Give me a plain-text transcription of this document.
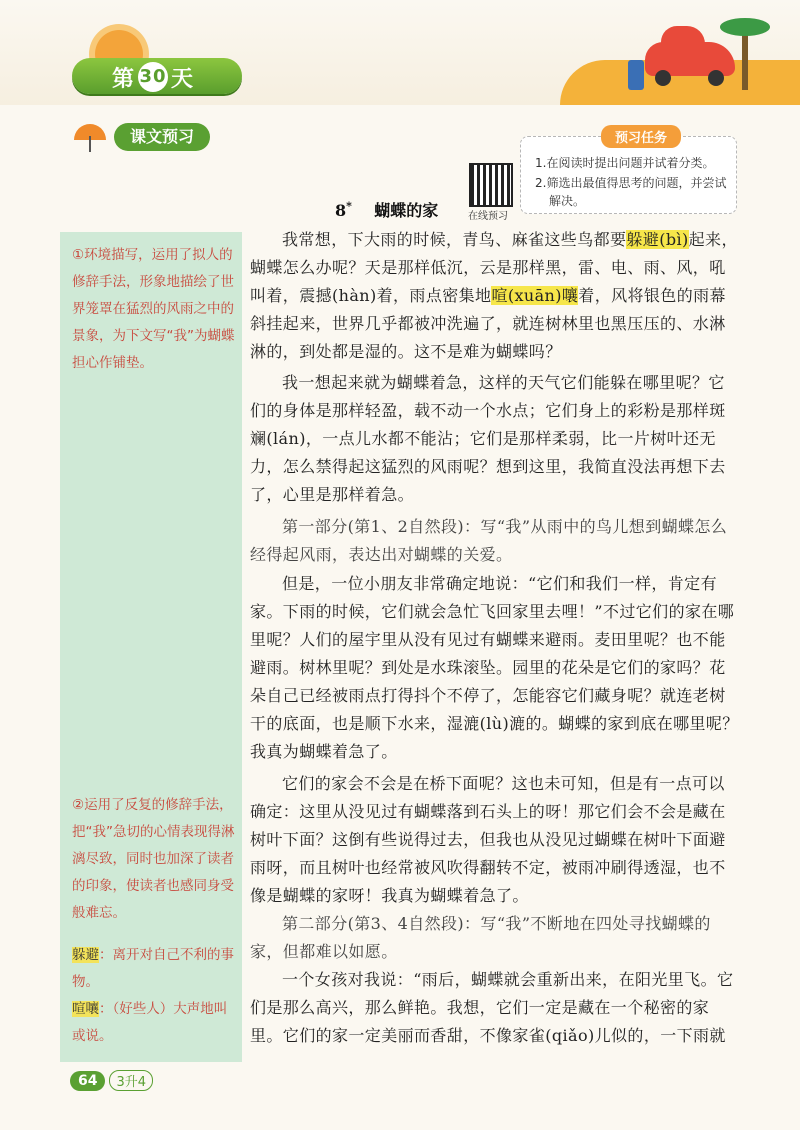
第 30 天
课文预习	预习任务
1.在阅读时提出问题并试着分类。
2.筛选出最值得思考的问题，并尝试
解决。
在线预习
8* 蝴蝶的家
①环境描写，运用了拟人的修辞手法，形象地描绘了世界笼罩在猛烈的风雨之中的景象，为下文写“我”为蝴蝶担心作铺垫。
②运用了反复的修辞手法，把“我”急切的心情表现得淋漓尽致，同时也加深了读者的印象，使读者也感同身受般难忘。
躲避：离开对自己不利的事物。
喧嚷：（好些人）大声地叫或说。

我常想，下大雨的时候，青鸟、麻雀这些鸟都要躲避(bì)起来，蝴蝶怎么办呢？天是那样低沉，云是那样黑，雷、电、雨、风，吼叫着，震撼(hàn)着，雨点密集地喧(xuān)嚷着，风将银色的雨幕斜挂起来，世界几乎都被冲洗遍了，就连树林里也黑压压的、水淋淋的，到处都是湿的。这不是难为蝴蝶吗？

我一想起来就为蝴蝶着急，这样的天气它们能躲在哪里呢？它们的身体是那样轻盈，载不动一个水点；它们身上的彩粉是那样斑斓(lán)，一点儿水都不能沾；它们是那样柔弱，比一片树叶还无力，怎么禁得起这猛烈的风雨呢？想到这里，我简直没法再想下去了，心里是那样着急。

第一部分(第1、2自然段)：写“我”从雨中的鸟儿想到蝴蝶怎么经得起风雨，表达出对蝴蝶的关爱。

但是，一位小朋友非常确定地说：“它们和我们一样，肯定有家。下雨的时候，它们就会急忙飞回家里去哩！”不过它们的家在哪里呢？人们的屋宇里从没有见过有蝴蝶来避雨。麦田里呢？也不能避雨。树林里呢？到处是水珠滚坠。园里的花朵是它们的家吗？花朵自己已经被雨点打得抖个不停了，怎能容它们藏身呢？就连老树干的底面，也是顺下水来，湿漉(lù)漉的。蝴蝶的家到底在哪里呢？我真为蝴蝶着急了。

它们的家会不会是在桥下面呢？这也未可知，但是有一点可以确定：这里从没见过有蝴蝶落到石头上的呀！那它们会不会是藏在树叶下面？这倒有些说得过去，但我也从没见过蝴蝶在树叶下面避雨呀，而且树叶也经常被风吹得翻转不定，被雨冲刷得透湿，也不像是蝴蝶的家呀！我真为蝴蝶着急了。

第二部分(第3、4自然段)：写“我”不断地在四处寻找蝴蝶的家，但都难以如愿。

一个女孩对我说：“雨后，蝴蝶就会重新出来，在阳光里飞。它们是那么高兴，那么鲜艳。我想，它们一定是藏在一个秘密的家里。它们的家一定美丽而香甜，不像家雀(qiǎo)儿似的，一下雨就

64	3升4
